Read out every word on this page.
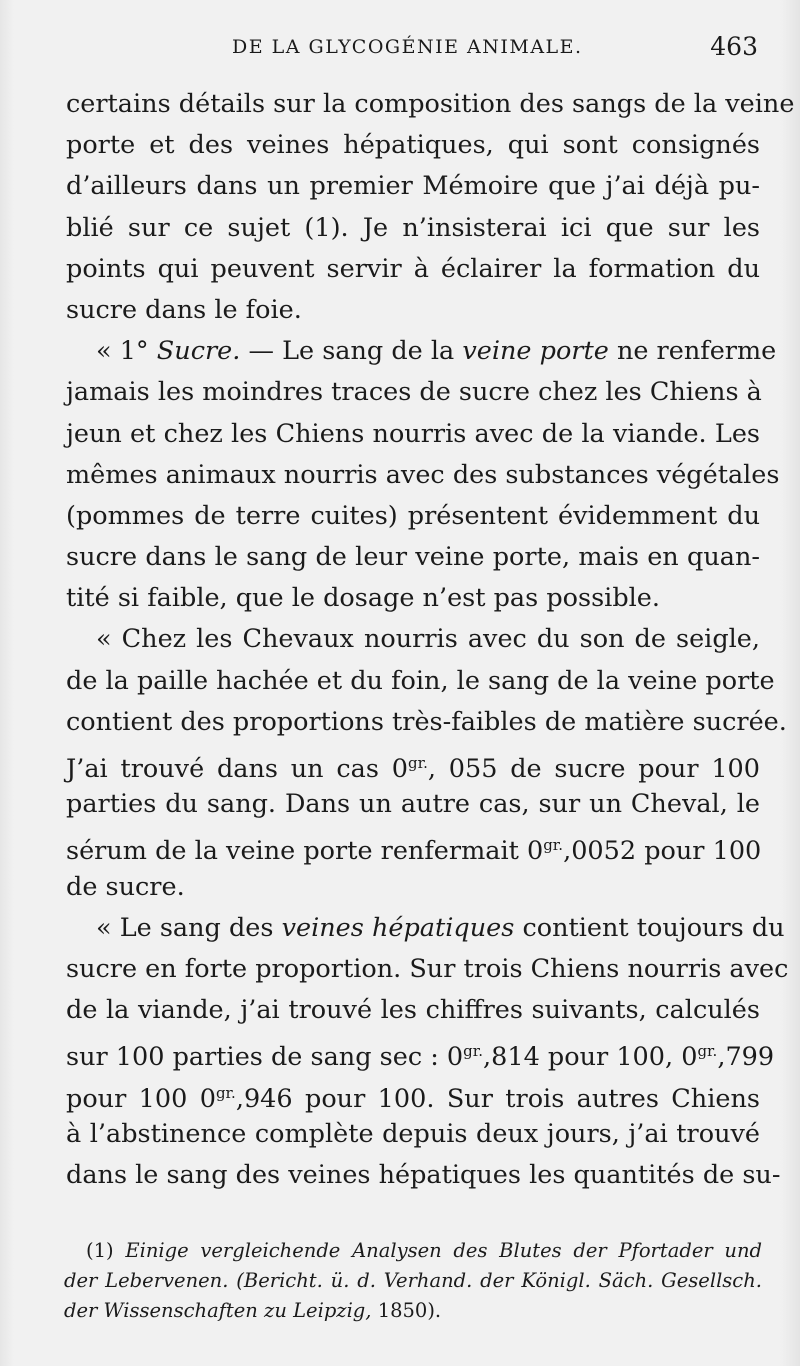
DE LA GLYCOGÉNIE ANIMALE.	463
certains détails sur la composition des sangs de la veine
porte et des veines hépatiques, qui sont consignés
d’ailleurs dans un premier Mémoire que j’ai déjà pu-
blié sur ce sujet (1). Je n’insisterai ici que sur les
points qui peuvent servir à éclairer la formation du
sucre dans le foie.
« 1° Sucre. — Le sang de la veine porte ne renferme
jamais les moindres traces de sucre chez les Chiens à
jeun et chez les Chiens nourris avec de la viande. Les
mêmes animaux nourris avec des substances végétales
(pommes de terre cuites) présentent évidemment du
sucre dans le sang de leur veine porte, mais en quan-
tité si faible, que le dosage n’est pas possible.
« Chez les Chevaux nourris avec du son de seigle,
de la paille hachée et du foin, le sang de la veine porte
contient des proportions très-faibles de matière sucrée.
J’ai trouvé dans un cas $0^{gr.}$, 055 de sucre pour 100
parties du sang. Dans un autre cas, sur un Cheval, le
sérum de la veine porte renfermait $0^{gr.},0052$ pour 100
de sucre.
« Le sang des veines hépatiques contient toujours du
sucre en forte proportion. Sur trois Chiens nourris avec
de la viande, j’ai trouvé les chiffres suivants, calculés
sur 100 parties de sang sec : $0^{gr.},814$ pour 100, $0^{gr.},799$
pour 100 $0^{gr.},946$ pour 100. Sur trois autres Chiens
à l’abstinence complète depuis deux jours, j’ai trouvé
dans le sang des veines hépatiques les quantités de su-
(1) Einige vergleichende Analysen des Blutes der Pfortader und
der Lebervenen. (Bericht. ü. d. Verhand. der Königl. Säch. Gesellsch.
der Wissenschaften zu Leipzig, 1850).
